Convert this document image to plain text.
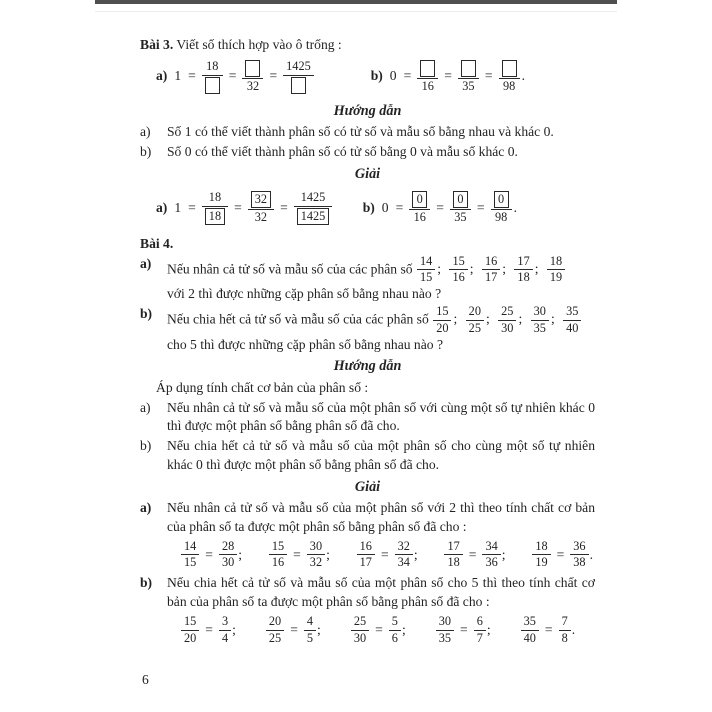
Bài 3. Viết số thích hợp vào ô trống :
a) 1 =
18
=
32
=
1425
b) 0 =
16
=
35
=
98
.
Hướng dẫn
a)	Số 1 có thể viết thành phân số có tử số và mẫu số bằng nhau và khác 0.
b)	Số 0 có thể viết thành phân số có tử số bằng 0 và mẫu số khác 0.
Giải
a) $1 = \frac{18}{18} = \frac{32}{32} = \frac{1425}{1425} b$) $0 = \frac{0}{16} = \frac{0}{35} = \frac{0}{98}$ .
Bài 4.
a)	Nếu nhân cả tử số và mẫu số của các phân số $\frac{14}{15}$ ; $\frac{15}{16}$ ; $\frac{16}{17}$ ; $\frac{17}{18}$ ; $\frac{18}{19}$
với 2 thì được những cặp phân số bằng nhau nào ?
b)	Nếu chia hết cả tử số và mẫu số của các phân số $\frac{15}{20}$ ; $\frac{20}{25}$ ; $\frac{25}{30}$ ; $\frac{30}{35}$ ; $\frac{35}{40}$
cho 5 thì được những cặp phân số bằng nhau nào ?
Hướng dẫn
Áp dụng tính chất cơ bản của phân số :
a)	Nếu nhân cả tử số và mẫu số của một phân số với cùng một số tự nhiên khác 0 thì được một phân số bằng phân số đã cho.
b)	Nếu chia hết cả tử số và mẫu số của một phân số cho cùng một số tự nhiên khác 0 thì được một phân số bằng phân số đã cho.
Giải
a)	Nếu nhân cả tử số và mẫu số của một phân số với 2 thì theo tính chất cơ bản của phân số ta được một phân số bằng phân số đã cho :
$\frac{14}{15} = \frac{28}{30}$ ; $\frac{15}{16} = \frac{30}{32}$ ; $\frac{16}{17} = \frac{32}{34}$ ; $\frac{17}{18} = \frac{34}{36}$ ; $\frac{18}{19} = \frac{36}{38}$ .
b)	Nếu chia hết cả tử số và mẫu số của một phân số cho 5 thì theo tính chất cơ bản của phân số ta được một phân số bằng phân số đã cho :
$\frac{15}{20} = \frac{3}{4}$ ; $\frac{20}{25} = \frac{4}{5}$ ; $\frac{25}{30} = \frac{5}{6}$ ; $\frac{30}{35} = \frac{6}{7}$ ; $\frac{35}{40} = \frac{7}{8}$ .
6
